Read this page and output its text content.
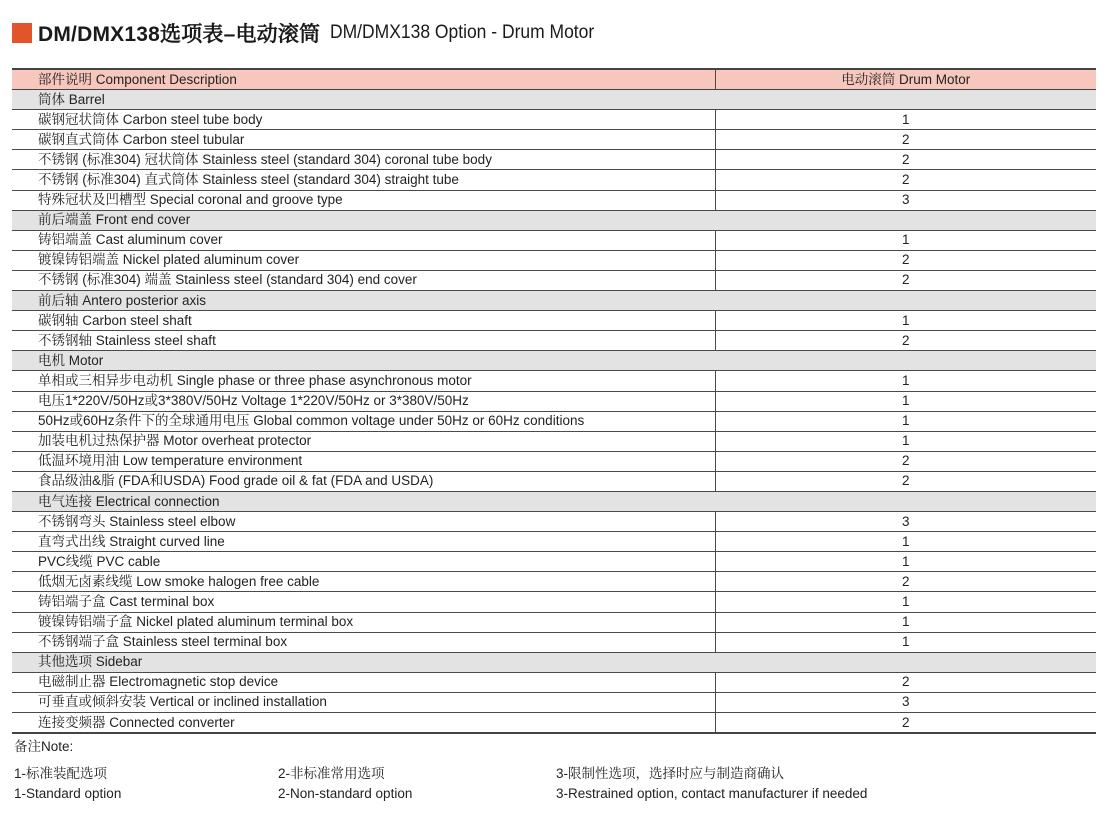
DM/DMX138选项表–电动滚筒 DM/DMX138 Option - Drum Motor
部件说明 Component Description	电动滚筒 Drum Motor
筒体 Barrel	
碳钢冠状筒体 Carbon steel tube body	1
碳钢直式筒体 Carbon steel tubular	2
不锈钢 (标准304) 冠状筒体 Stainless steel (standard 304) coronal tube body	2
不锈钢 (标准304) 直式筒体 Stainless steel (standard 304) straight tube	2
特殊冠状及凹槽型 Special coronal and groove type	3
前后端盖 Front end cover	
铸铝端盖 Cast aluminum cover	1
镀镍铸铝端盖 Nickel plated aluminum cover	2
不锈钢 (标准304) 端盖 Stainless steel (standard 304) end cover	2
前后轴 Antero posterior axis	
碳钢轴 Carbon steel shaft	1
不锈钢轴 Stainless steel shaft	2
电机 Motor	
单相或三相异步电动机 Single phase or three phase asynchronous motor	1
电压1*220V/50Hz或3*380V/50Hz Voltage 1*220V/50Hz or 3*380V/50Hz	1
50Hz或60Hz条件下的全球通用电压 Global common voltage under 50Hz or 60Hz conditions	1
加装电机过热保护器 Motor overheat protector	1
低温环境用油 Low temperature environment	2
食品级油&脂 (FDA和USDA) Food grade oil & fat (FDA and USDA)	2
电气连接 Electrical connection	
不锈钢弯头 Stainless steel elbow	3
直弯式出线 Straight curved line	1
PVC线缆 PVC cable	1
低烟无卤素线缆 Low smoke halogen free cable	2
铸铝端子盒 Cast terminal box	1
镀镍铸铝端子盒 Nickel plated aluminum terminal box	1
不锈钢端子盒 Stainless steel terminal box	1
其他选项 Sidebar	
电磁制止器 Electromagnetic stop device	2
可垂直或倾斜安装 Vertical or inclined installation	3
连接变频器 Connected converter	2
备注Note:
1-标准装配选项	2-非标准常用选项	3-限制性选项，选择时应与制造商确认
1-Standard option	2-Non-standard option	3-Restrained option, contact manufacturer if needed
